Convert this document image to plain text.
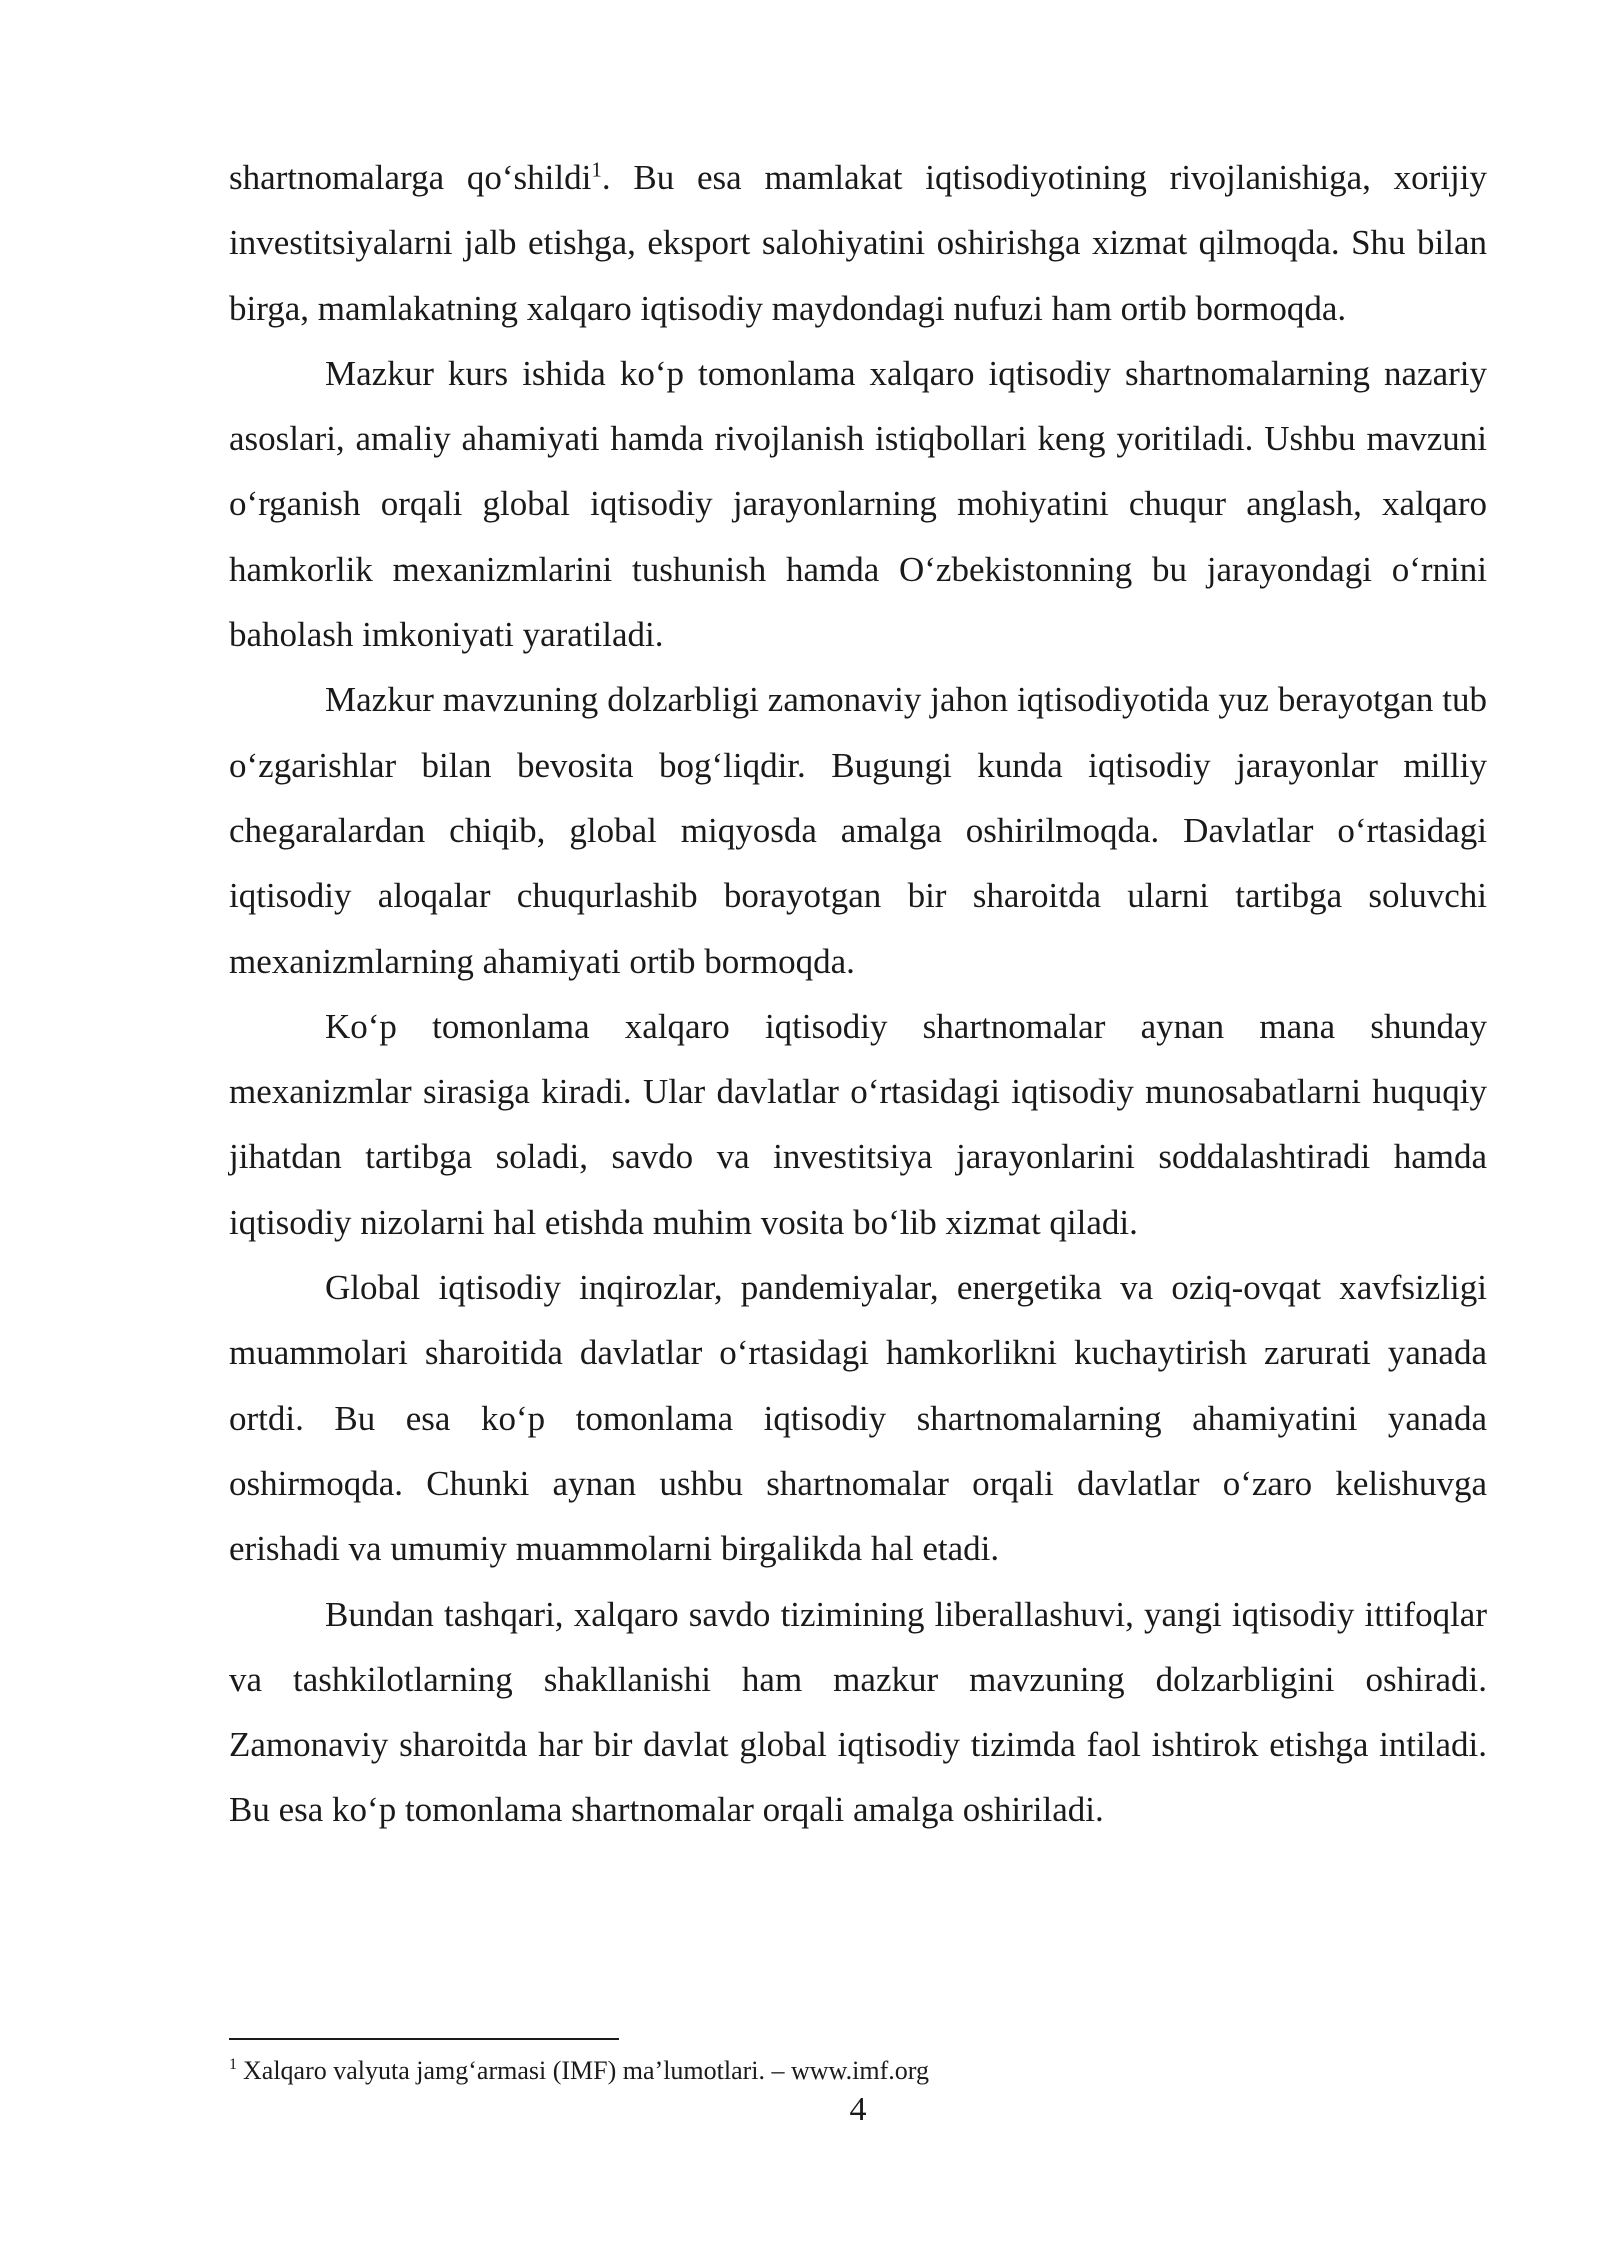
shartnomalarga qo‘shildi$^1$. Bu esa mamlakat iqtisodiyotining rivojlanishiga, xorijiy investitsiyalarni jalb etishga, eksport salohiyatini oshirishga xizmat qilmoqda. Shu bilan birga, mamlakatning xalqaro iqtisodiy maydondagi nufuzi ham ortib bormoqda.

Mazkur kurs ishida ko‘p tomonlama xalqaro iqtisodiy shartnomalarning nazariy asoslari, amaliy ahamiyati hamda rivojlanish istiqbollari keng yoritiladi. Ushbu mavzuni o‘rganish orqali global iqtisodiy jarayonlarning mohiyatini chuqur anglash, xalqaro hamkorlik mexanizmlarini tushunish hamda O‘zbekistonning bu jarayondagi o‘rnini baholash imkoniyati yaratiladi.

Mazkur mavzuning dolzarbligi zamonaviy jahon iqtisodiyotida yuz berayotgan tub o‘zgarishlar bilan bevosita bog‘liqdir. Bugungi kunda iqtisodiy jarayonlar milliy chegaralardan chiqib, global miqyosda amalga oshirilmoqda. Davlatlar o‘rtasidagi iqtisodiy aloqalar chuqurlashib borayotgan bir sharoitda ularni tartibga soluvchi mexanizmlarning ahamiyati ortib bormoqda.

Ko‘p tomonlama xalqaro iqtisodiy shartnomalar aynan mana shunday mexanizmlar sirasiga kiradi. Ular davlatlar o‘rtasidagi iqtisodiy munosabatlarni huquqiy jihatdan tartibga soladi, savdo va investitsiya jarayonlarini soddalashtiradi hamda iqtisodiy nizolarni hal etishda muhim vosita bo‘lib xizmat qiladi.

Global iqtisodiy inqirozlar, pandemiyalar, energetika va oziq-ovqat xavfsizligi muammolari sharoitida davlatlar o‘rtasidagi hamkorlikni kuchaytirish zarurati yanada ortdi. Bu esa ko‘p tomonlama iqtisodiy shartnomalarning ahamiyatini yanada oshirmoqda. Chunki aynan ushbu shartnomalar orqali davlatlar o‘zaro kelishuvga erishadi va umumiy muammolarni birgalikda hal etadi.

Bundan tashqari, xalqaro savdo tizimining liberallashuvi, yangi iqtisodiy ittifoqlar va tashkilotlarning shakllanishi ham mazkur mavzuning dolzarbligini oshiradi. Zamonaviy sharoitda har bir davlat global iqtisodiy tizimda faol ishtirok etishga intiladi. Bu esa ko‘p tomonlama shartnomalar orqali amalga oshiriladi.

$^1$ Xalqaro valyuta jamg‘armasi (IMF) ma’lumotlari. – www.imf.org
4
